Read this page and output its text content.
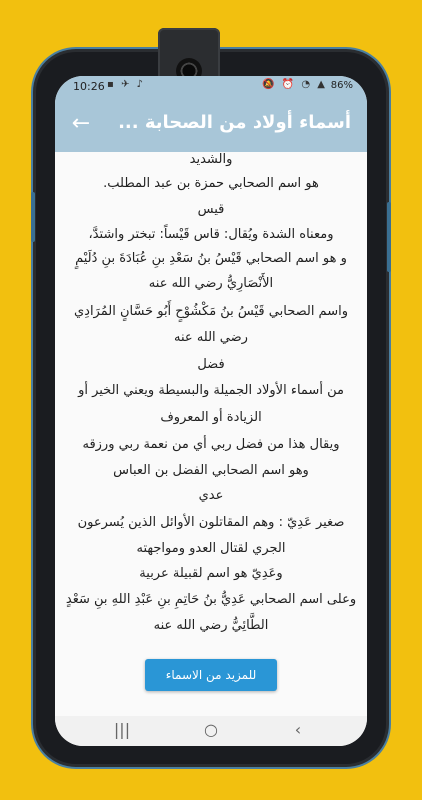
10:26 ▪ ✈ ♪	🔕 ⏰ ◔ ▲ 86%
← أسماء أولاد من الصحابة ...
والشديد
هو اسم الصحابي حمزة بن عبد المطلب.
قيس
ومعناه الشدة ويُقال: قاس قَيْساً: تبختر واشتدَّ،
و هو اسم الصحابي قَيْسُ بنُ سَعْدِ بنِ عُبَادَةَ بنِ دُلَيْمٍ
الأَنْصَارِيُّ رضي الله عنه
واسم الصحابي قَيْسُ بنُ مَكْشُوْحٍ أَبُو حَسَّانٍ المُرَادِي
رضي الله عنه
فضل
من أسماء الأولاد الجميلة والبسيطة ويعني الخير أو
الزيادة أو المعروف
ويقال هذا من فضل ربي أي من نعمة ربي ورزقه
وهو اسم الصحابي الفضل بن العباس
عدي
صغير عَدِيّ : وهم المقاتلون الأوائل الذين يُسرعون
الجري لقتال العدو ومواجهته
وعَدِيّ هو اسم لقبيلة عربية
وعلى اسم الصحابي عَدِيُّ بنُ حَاتِمِ بنِ عَبْدِ اللهِ بنِ سَعْدٍ
الطَّائِيُّ رضي الله عنه
للمزيد من الاسماء
|||	○	‹
